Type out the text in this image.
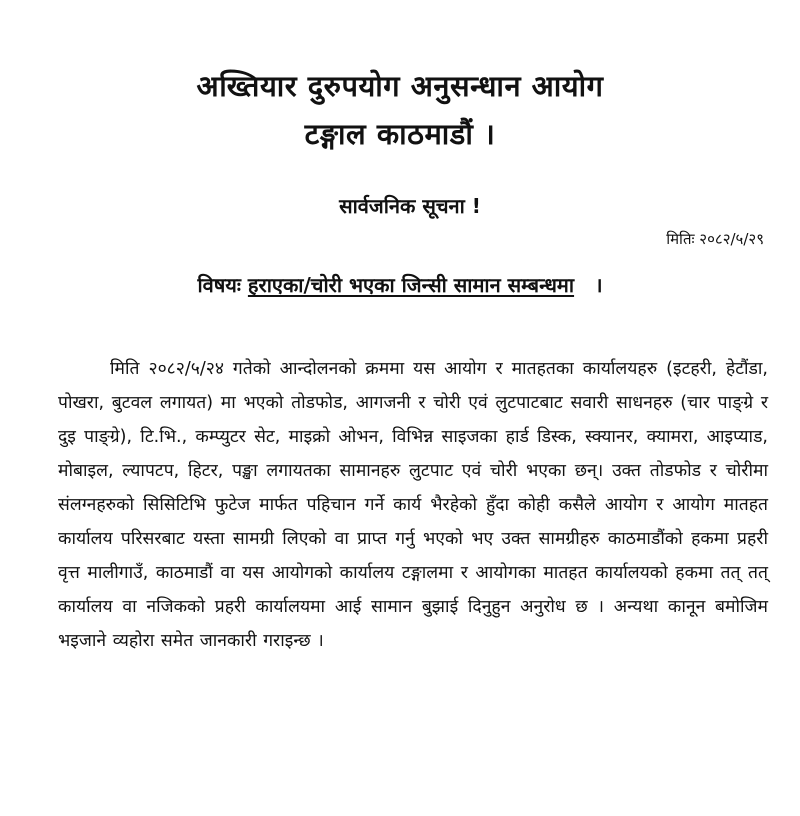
अख्तियार दुरुपयोग अनुसन्धान आयोग
टङ्गाल काठमाडौं ।
सार्वजनिक सूचना !
मितिः २०८२/५/२९
विषयः हराएका/चोरी भएका जिन्सी सामान सम्बन्धमा ।
मिति २०८२/५/२४ गतेको आन्दोलनको क्रममा यस आयोग र मातहतका कार्यालयहरु (इटहरी, हेटौंडा, पोखरा, बुटवल लगायत) मा भएको तोडफोड, आगजनी र चोरी एवं लुटपाटबाट सवारी साधनहरु (चार पाङ्ग्रे र दुइ पाङ्ग्रे), टि.भि., कम्प्युटर सेट, माइक्रो ओभन, विभिन्न साइजका हार्ड डिस्क, स्क्यानर, क्यामरा, आइप्याड, मोबाइल, ल्यापटप, हिटर, पङ्खा लगायतका सामानहरु लुटपाट एवं चोरी भएका छन्। उक्त तोडफोड र चोरीमा संलग्नहरुको सिसिटिभि फुटेज मार्फत पहिचान गर्ने कार्य भैरहेको हुँदा कोही कसैले आयोग र आयोग मातहत कार्यालय परिसरबाट यस्ता सामग्री लिएको वा प्राप्त गर्नु भएको भए उक्त सामग्रीहरु काठमाडौंको हकमा प्रहरी वृत्त मालीगाउँ, काठमाडौं वा यस आयोगको कार्यालय टङ्गालमा र आयोगका मातहत कार्यालयको हकमा तत् तत् कार्यालय वा नजिकको प्रहरी कार्यालयमा आई सामान बुझाई दिनुहुन अनुरोध छ । अन्यथा कानून बमोजिम भइजाने व्यहोरा समेत जानकारी गराइन्छ ।
